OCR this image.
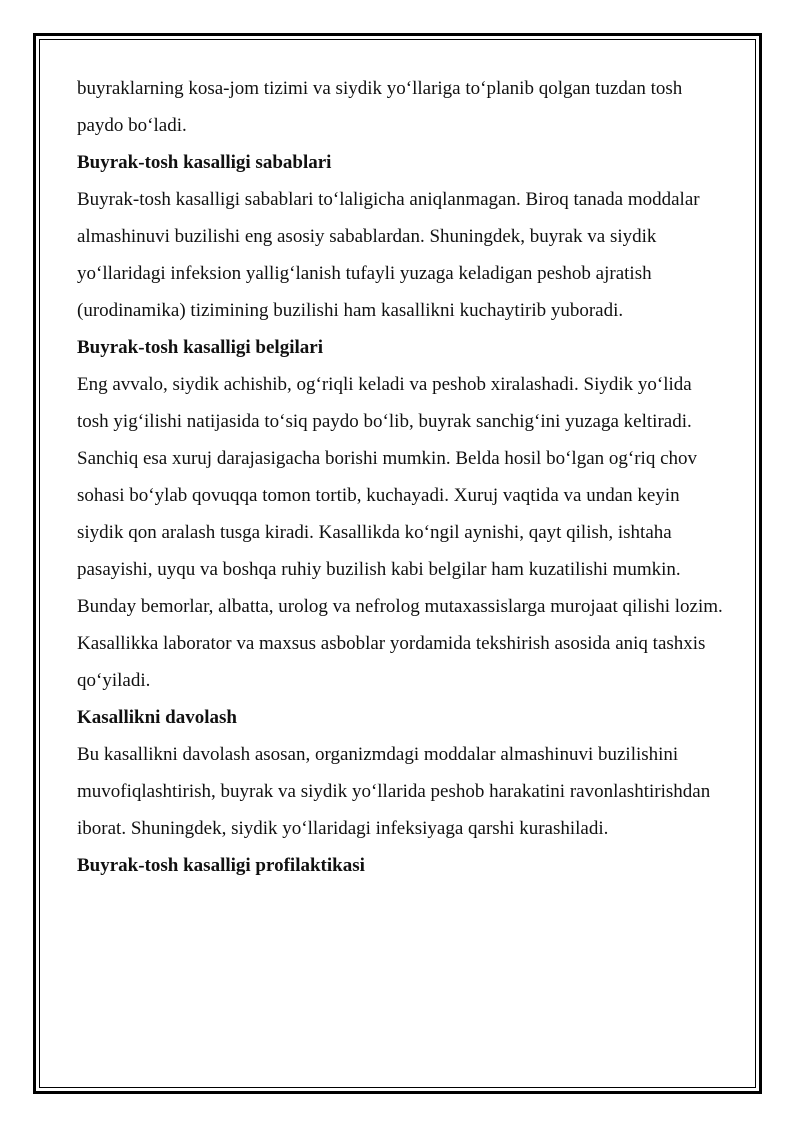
buyraklarning kosa-jom tizimi va siydik yo‘llariga to‘planib qolgan tuzdan tosh paydo bo‘ladi.

Buyrak-tosh kasalligi sabablari

Buyrak-tosh kasalligi sabablari to‘laligicha aniqlanmagan. Biroq tanada moddalar almashinuvi buzilishi eng asosiy sabablardan. Shuningdek, buyrak va siydik yo‘llaridagi infeksion yallig‘lanish tufayli yuzaga keladigan peshob ajratish (urodinamika) tizimining buzilishi ham kasallikni kuchaytirib yuboradi.

Buyrak-tosh kasalligi belgilari

Eng avvalo, siydik achishib, og‘riqli keladi va peshob xiralashadi. Siydik yo‘lida tosh yig‘ilishi natijasida to‘siq paydo bo‘lib, buyrak sanchig‘ini yuzaga keltiradi. Sanchiq esa xuruj darajasigacha borishi mumkin. Belda hosil bo‘lgan og‘riq chov sohasi bo‘ylab qovuqqa tomon tortib, kuchayadi. Xuruj vaqtida va undan keyin siydik qon aralash tusga kiradi. Kasallikda ko‘ngil aynishi, qayt qilish, ishtaha pasayishi, uyqu va boshqa ruhiy buzilish kabi belgilar ham kuzatilishi mumkin. Bunday bemorlar, albatta, urolog va nefrolog mutaxassislarga murojaat qilishi lozim. Kasallikka laborator va maxsus asboblar yordamida tekshirish asosida aniq tashxis qo‘yiladi.

Kasallikni davolash

Bu kasallikni davolash asosan, organizmdagi moddalar almashinuvi buzilishini muvofiqlashtirish, buyrak va siydik yo‘llarida peshob harakatini ravonlashtirishdan iborat. Shuningdek, siydik yo‘llaridagi infeksiyaga qarshi kurashiladi.

Buyrak-tosh kasalligi profilaktikasi
